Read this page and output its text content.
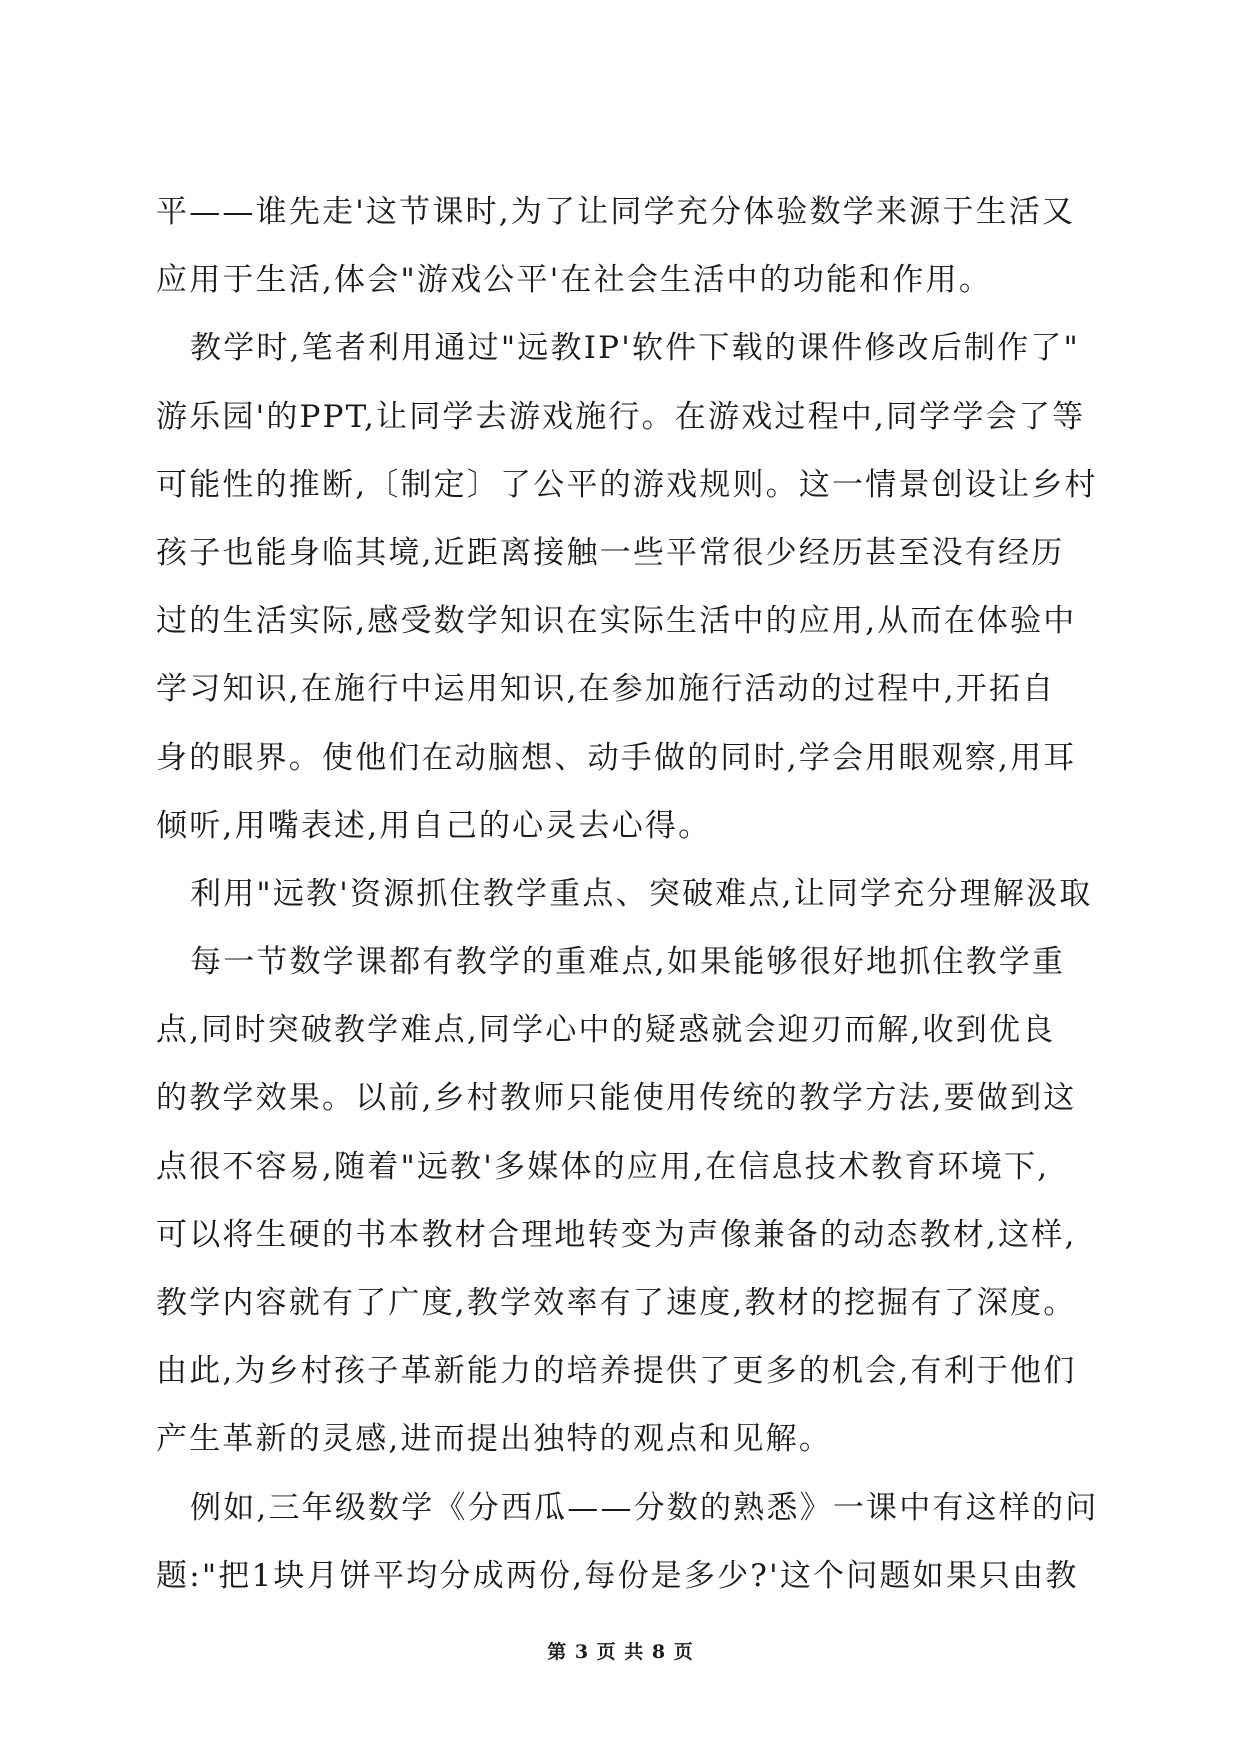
平——谁先走'这节课时,为了让同学充分体验数学来源于生活又
应用于生活,体会"游戏公平'在社会生活中的功能和作用。
教学时,笔者利用通过"远教IP'软件下载的课件修改后制作了"
游乐园'的PPT,让同学去游戏施行。在游戏过程中,同学学会了等
可能性的推断,〔制定〕了公平的游戏规则。这一情景创设让乡村
孩子也能身临其境,近距离接触一些平常很少经历甚至没有经历
过的生活实际,感受数学知识在实际生活中的应用,从而在体验中
学习知识,在施行中运用知识,在参加施行活动的过程中,开拓自
身的眼界。使他们在动脑想、动手做的同时,学会用眼观察,用耳
倾听,用嘴表述,用自己的心灵去心得。
利用"远教'资源抓住教学重点、突破难点,让同学充分理解汲取
每一节数学课都有教学的重难点,如果能够很好地抓住教学重
点,同时突破教学难点,同学心中的疑惑就会迎刃而解,收到优良
的教学效果。以前,乡村教师只能使用传统的教学方法,要做到这
点很不容易,随着"远教'多媒体的应用,在信息技术教育环境下,
可以将生硬的书本教材合理地转变为声像兼备的动态教材,这样,
教学内容就有了广度,教学效率有了速度,教材的挖掘有了深度。
由此,为乡村孩子革新能力的培养提供了更多的机会,有利于他们
产生革新的灵感,进而提出独特的观点和见解。
例如,三年级数学《分西瓜——分数的熟悉》一课中有这样的问
题:"把1块月饼平均分成两份,每份是多少?'这个问题如果只由教
第 3 页 共 8 页
